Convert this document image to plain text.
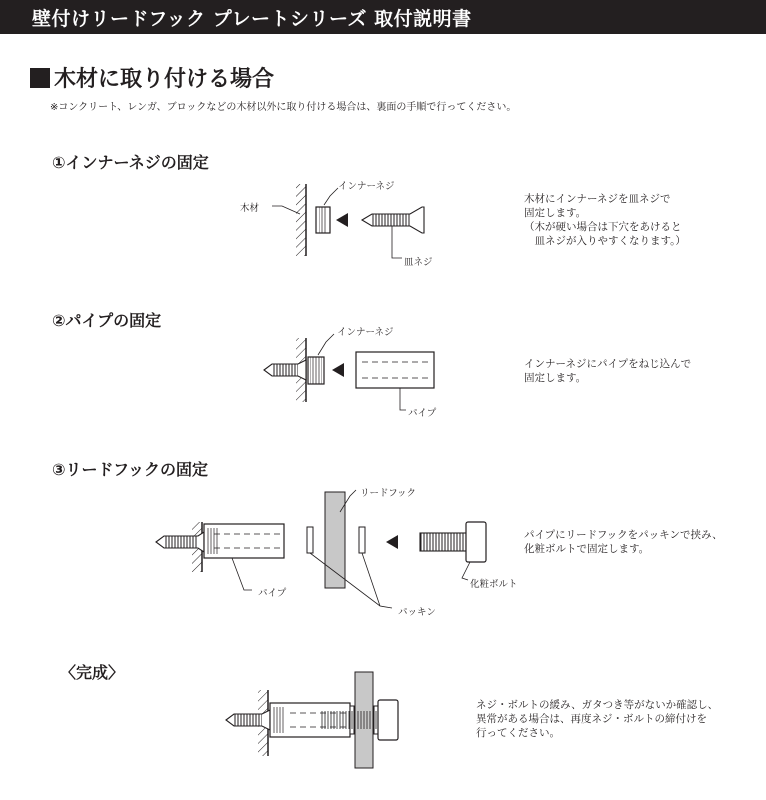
壁付けリードフック プレートシリーズ 取付説明書
木材に取り付ける場合
※コンクリート、レンガ、ブロックなどの木材以外に取り付ける場合は、裏面の手順で行ってください。
①インナーネジの固定
②パイプの固定
③リードフックの固定
〈完成〉
木材にインナーネジを皿ネジで
固定します。
（木が硬い場合は下穴をあけると
　皿ネジが入りやすくなります。）
インナーネジにパイプをねじ込んで
固定します。
パイプにリードフックをパッキンで挟み、
化粧ボルトで固定します。
ネジ・ボルトの緩み、ガタつき等がないか確認し、
異常がある場合は、再度ネジ・ボルトの締付けを
行ってください。
木材
インナーネジ
皿ネジ
インナーネジ
パイプ
リードフック
パイプ
パッキン
化粧ボルト
